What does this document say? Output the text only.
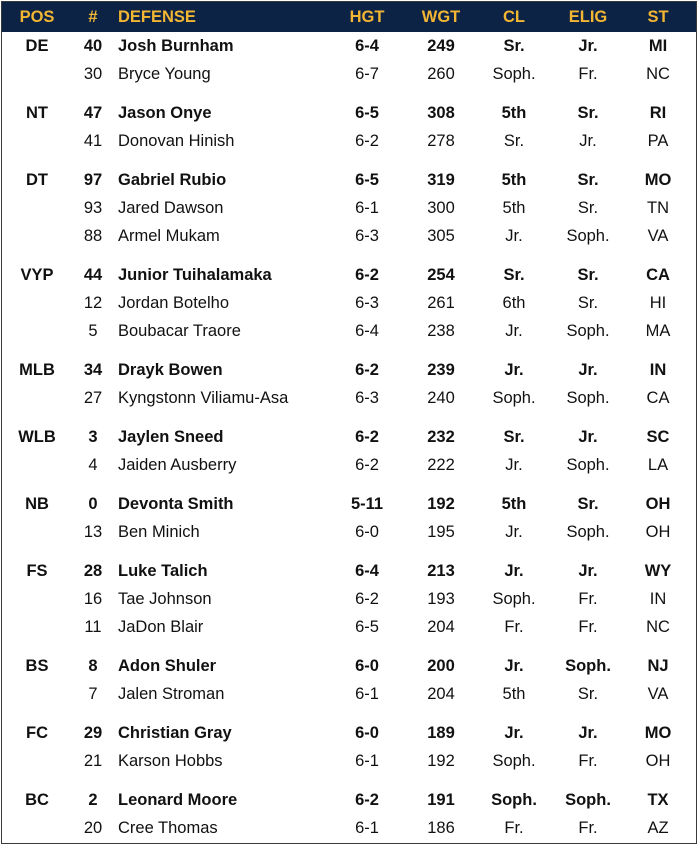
POS	#	DEFENSE	HGT	WGT	CL	ELIG	ST
DE	40	Josh Burnham	6-4	249	Sr.	Jr.	MI
	30	Bryce Young	6-7	260	Soph.	Fr.	NC

NT	47	Jason Onye	6-5	308	5th	Sr.	RI
	41	Donovan Hinish	6-2	278	Sr.	Jr.	PA

DT	97	Gabriel Rubio	6-5	319	5th	Sr.	MO
	93	Jared Dawson	6-1	300	5th	Sr.	TN
	88	Armel Mukam	6-3	305	Jr.	Soph.	VA

VYP	44	Junior Tuihalamaka	6-2	254	Sr.	Sr.	CA
	12	Jordan Botelho	6-3	261	6th	Sr.	HI
	5	Boubacar Traore	6-4	238	Jr.	Soph.	MA

MLB	34	Drayk Bowen	6-2	239	Jr.	Jr.	IN
	27	Kyngstonn Viliamu-Asa	6-3	240	Soph.	Soph.	CA

WLB	3	Jaylen Sneed	6-2	232	Sr.	Jr.	SC
	4	Jaiden Ausberry	6-2	222	Jr.	Soph.	LA

NB	0	Devonta Smith	5-11	192	5th	Sr.	OH
	13	Ben Minich	6-0	195	Jr.	Soph.	OH

FS	28	Luke Talich	6-4	213	Jr.	Jr.	WY
	16	Tae Johnson	6-2	193	Soph.	Fr.	IN
	11	JaDon Blair	6-5	204	Fr.	Fr.	NC

BS	8	Adon Shuler	6-0	200	Jr.	Soph.	NJ
	7	Jalen Stroman	6-1	204	5th	Sr.	VA

FC	29	Christian Gray	6-0	189	Jr.	Jr.	MO
	21	Karson Hobbs	6-1	192	Soph.	Fr.	OH

BC	2	Leonard Moore	6-2	191	Soph.	Soph.	TX
	20	Cree Thomas	6-1	186	Fr.	Fr.	AZ
